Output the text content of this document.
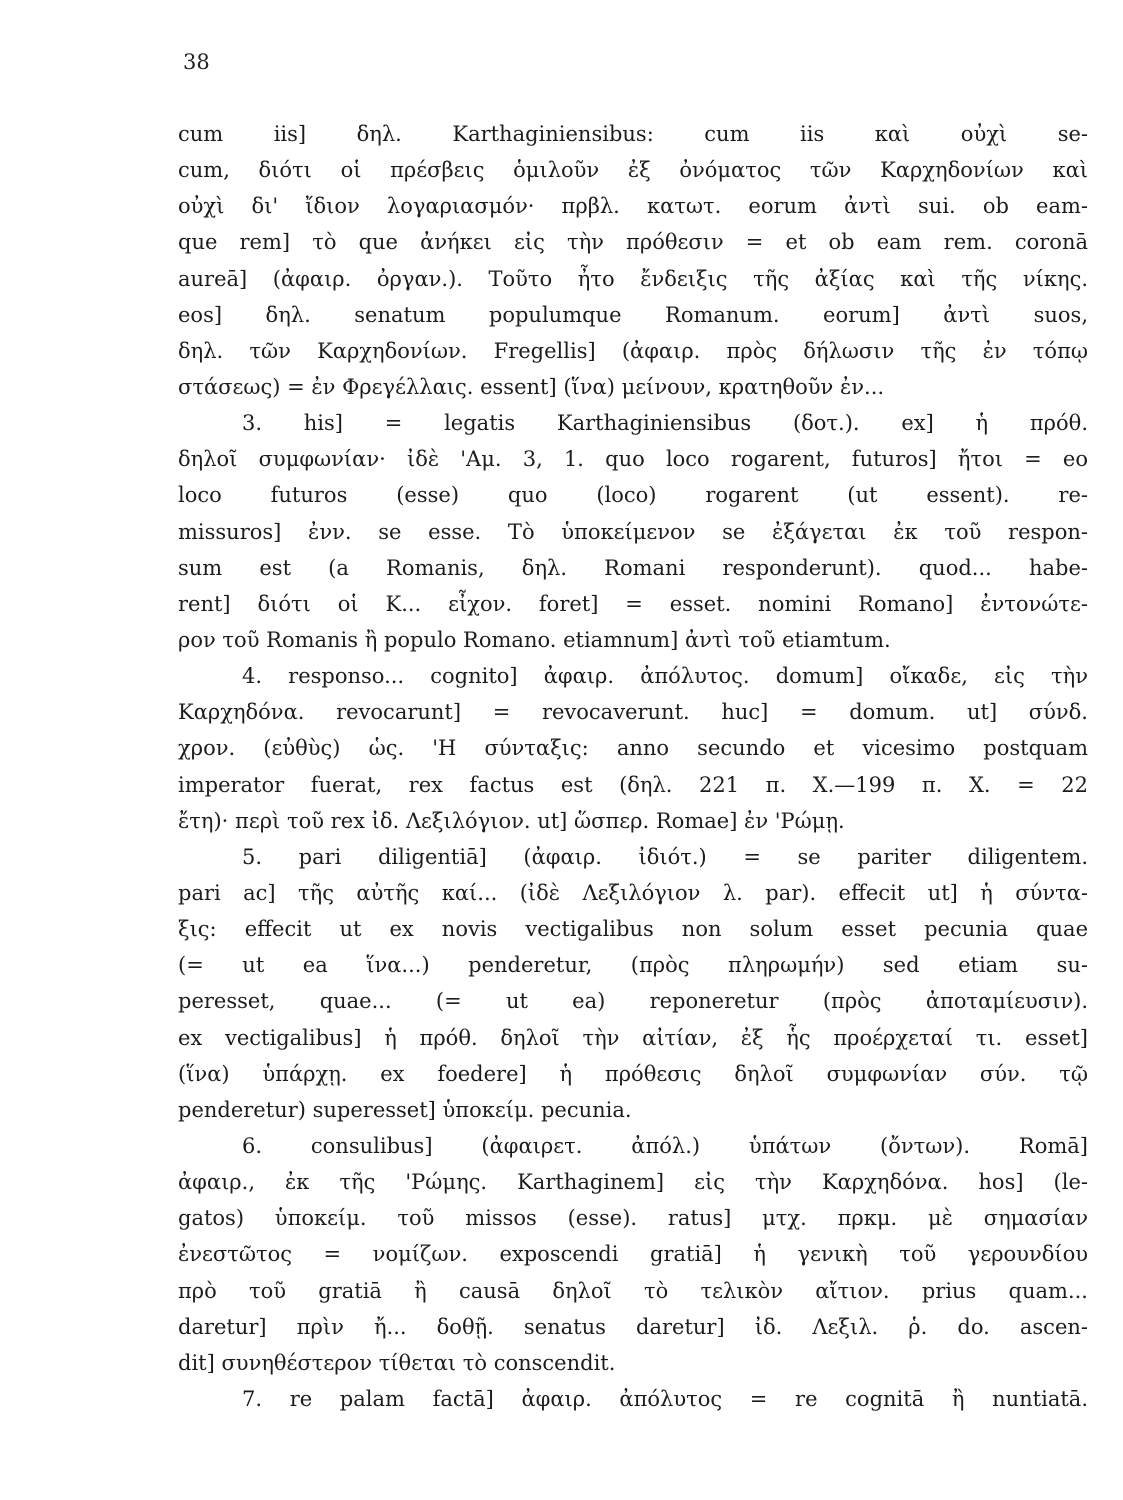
38
cum iis] δηλ. Karthaginiensibus: cum iis καὶ οὐχὶ se-
cum, διότι οἱ πρέσβεις ὁμιλοῦν ἐξ ὀνόματος τῶν Καρχηδονίων καὶ
οὐχὶ δι' ἴδιον λογαριασμόν· πρβλ. κατωτ. eorum ἀντὶ sui. ob eam-
que rem] τὸ que ἀνήκει εἰς τὴν πρόθεσιν = et ob eam rem. coronā
aureā] (ἀφαιρ. ὀργαν.). Τοῦτο ἦτο ἔνδειξις τῆς ἀξίας καὶ τῆς νίκης.
eos] δηλ. senatum populumque Romanum. eorum] ἀντὶ suos,
δηλ. τῶν Καρχηδονίων. Fregellis] (ἀφαιρ. πρὸς δήλωσιν τῆς ἐν τόπῳ
στάσεως) = ἐν Φρεγέλλαις. essent] (ἵνα) μείνουν, κρατηθοῦν ἐν...
3. his] = legatis Karthaginiensibus (δοτ.). ex] ἡ πρόθ.
δηλοῖ συμφωνίαν· ἰδὲ 'Αμ. 3, 1. quo loco rogarent, futuros] ἤτοι = eo
loco futuros (esse) quo (loco) rogarent (ut essent). re-
missuros] ἐνν. se esse. Τὸ ὑποκείμενον se ἐξάγεται ἐκ τοῦ respon-
sum est (a Romanis, δηλ. Romani responderunt). quod... habe-
rent] διότι οἱ Κ... εἶχον. foret] = esset. nomini Romano] ἐντονώτε-
ρον τοῦ Romanis ἢ populo Romano. etiamnum] ἀντὶ τοῦ etiamtum.
4. responso... cognito] ἀφαιρ. ἀπόλυτος. domum] οἴκαδε, εἰς τὴν
Καρχηδόνα. revocarunt] = revocaverunt. huc] = domum. ut] σύνδ.
χρον. (εὐθὺς) ὡς. 'Η σύνταξις: anno secundo et vicesimo postquam
imperator fuerat, rex factus est (δηλ. 221 π. Χ.—199 π. Χ. = 22
ἔτη)· περὶ τοῦ rex ἰδ. Λεξιλόγιον. ut] ὥσπερ. Romae] ἐν 'Ρώμῃ.
5. pari diligentiā] (ἀφαιρ. ἰδιότ.) = se pariter diligentem.
pari ac] τῆς αὐτῆς καί... (ἰδὲ Λεξιλόγιον λ. par). effecit ut] ἡ σύντα-
ξις: effecit ut ex novis vectigalibus non solum esset pecunia quae
(= ut ea ἵνα...) penderetur, (πρὸς πληρωμήν) sed etiam su-
peresset, quae... (= ut ea) reponeretur (πρὸς ἀποταμίευσιν).
ex vectigalibus] ἡ πρόθ. δηλοῖ τὴν αἰτίαν, ἐξ ἧς προέρχεταί τι. esset]
(ἵνα) ὑπάρχῃ. ex foedere] ἡ πρόθεσις δηλοῖ συμφωνίαν σύν. τῷ
penderetur) superesset] ὑποκείμ. pecunia.
6. consulibus] (ἀφαιρετ. ἀπόλ.) ὑπάτων (ὄντων). Romā]
ἀφαιρ., ἐκ τῆς 'Ρώμης. Karthaginem] εἰς τὴν Καρχηδόνα. hos] (le-
gatos) ὑποκείμ. τοῦ missos (esse). ratus] μτχ. πρκμ. μὲ σημασίαν
ἐνεστῶτος = νομίζων. exposcendi gratiā] ἡ γενικὴ τοῦ γερουνδίου
πρὸ τοῦ gratiā ἢ causā δηλοῖ τὸ τελικὸν αἴτιον. prius quam...
daretur] πρὶν ἤ... δοθῇ. senatus daretur] ἰδ. Λεξιλ. ῥ. do. ascen-
dit] συνηθέστερον τίθεται τὸ conscendit.
7. re palam factā] ἀφαιρ. ἀπόλυτος = re cognitā ἢ nuntiatā.
